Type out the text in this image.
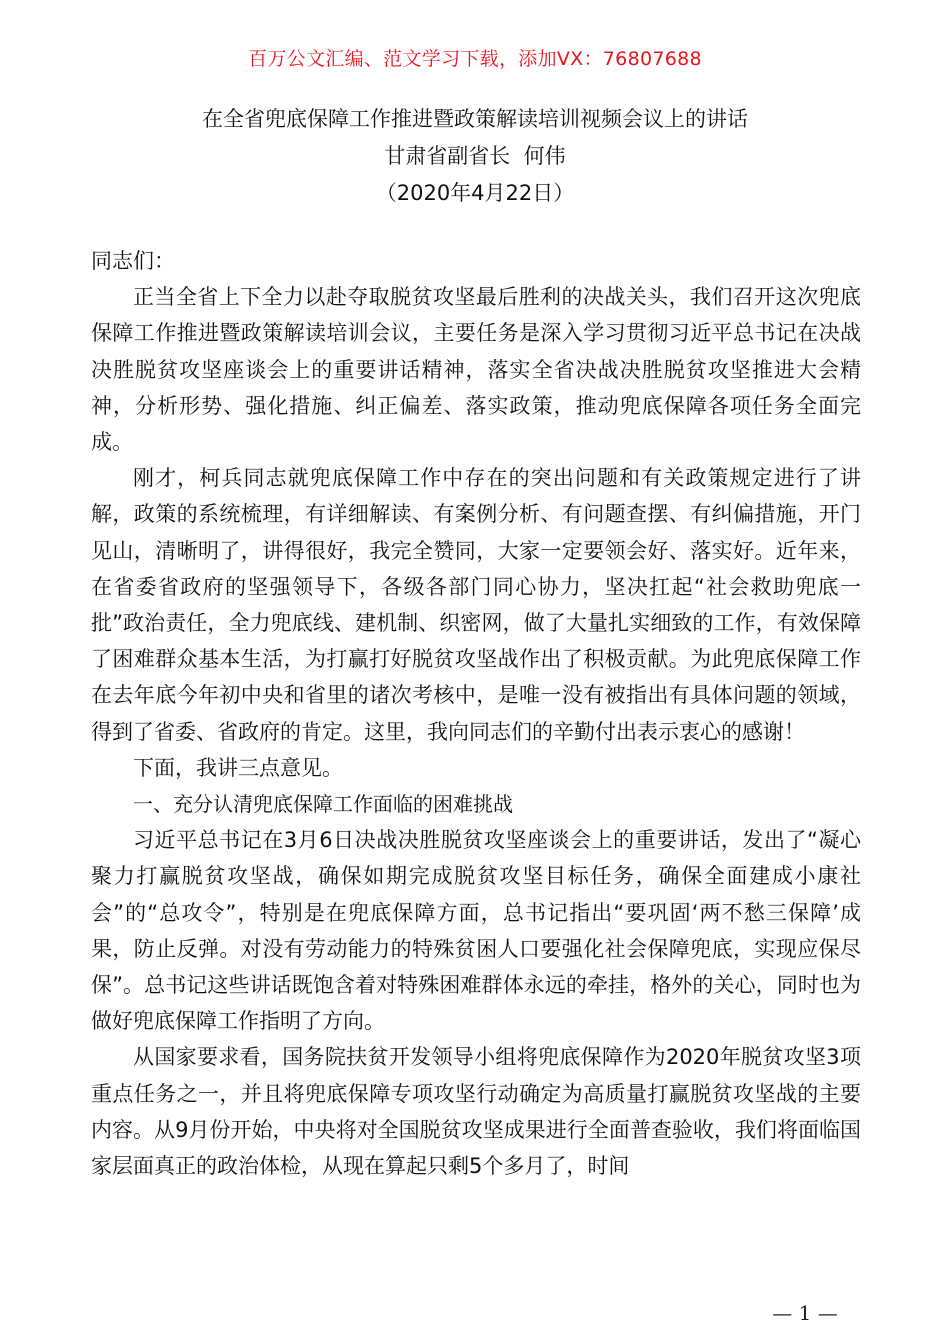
百万公文汇编、范文学习下载，添加VX：76807688
在全省兜底保障工作推进暨政策解读培训视频会议上的讲话
甘肃省副省长  何伟
（2020年4月22日）

同志们：

正当全省上下全力以赴夺取脱贫攻坚最后胜利的决战关头，我们召开这次兜底保障工作推进暨政策解读培训会议，主要任务是深入学习贯彻习近平总书记在决战决胜脱贫攻坚座谈会上的重要讲话精神，落实全省决战决胜脱贫攻坚推进大会精神，分析形势、强化措施、纠正偏差、落实政策，推动兜底保障各项任务全面完成。

刚才，柯兵同志就兜底保障工作中存在的突出问题和有关政策规定进行了讲解，政策的系统梳理，有详细解读、有案例分析、有问题查摆、有纠偏措施，开门见山，清晰明了，讲得很好，我完全赞同，大家一定要领会好、落实好。近年来，在省委省政府的坚强领导下，各级各部门同心协力，坚决扛起“社会救助兜底一批”政治责任，全力兜底线、建机制、织密网，做了大量扎实细致的工作，有效保障了困难群众基本生活，为打赢打好脱贫攻坚战作出了积极贡献。为此兜底保障工作在去年底今年初中央和省里的诸次考核中，是唯一没有被指出有具体问题的领域，得到了省委、省政府的肯定。这里，我向同志们的辛勤付出表示衷心的感谢！

下面，我讲三点意见。

一、充分认清兜底保障工作面临的困难挑战

习近平总书记在3月6日决战决胜脱贫攻坚座谈会上的重要讲话，发出了“凝心聚力打赢脱贫攻坚战，确保如期完成脱贫攻坚目标任务，确保全面建成小康社会”的“总攻令”，特别是在兜底保障方面，总书记指出“要巩固‘两不愁三保障’成果，防止反弹。对没有劳动能力的特殊贫困人口要强化社会保障兜底，实现应保尽保”。总书记这些讲话既饱含着对特殊困难群体永远的牵挂，格外的关心，同时也为做好兜底保障工作指明了方向。

从国家要求看，国务院扶贫开发领导小组将兜底保障作为2020年脱贫攻坚3项重点任务之一，并且将兜底保障专项攻坚行动确定为高质量打赢脱贫攻坚战的主要内容。从9月份开始，中央将对全国脱贫攻坚成果进行全面普查验收，我们将面临国家层面真正的政治体检，从现在算起只剩5个多月了，时间

— 1 —
